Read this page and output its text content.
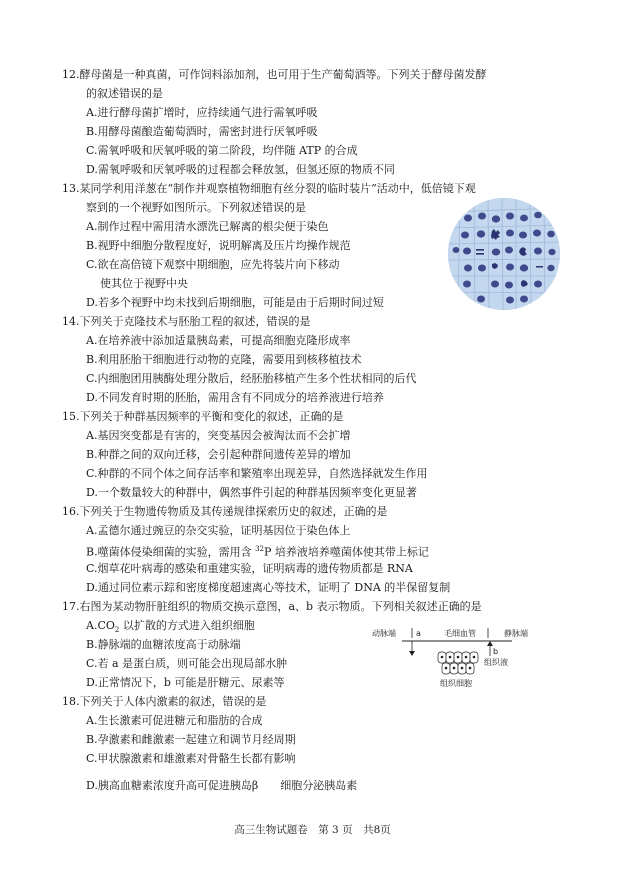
12.酵母菌是一种真菌，可作饲料添加剂，也可用于生产葡萄酒等。下列关于酵母菌发酵
的叙述错误的是
A.进行酵母菌扩增时，应持续通气进行需氧呼吸
B.用酵母菌酿造葡萄酒时，需密封进行厌氧呼吸
C.需氧呼吸和厌氧呼吸的第二阶段，均伴随 ATP 的合成
D.需氧呼吸和厌氧呼吸的过程都会释放氢，但氢还原的物质不同
13.某同学利用洋葱在“制作并观察植物细胞有丝分裂的临时装片”活动中，低倍镜下观
察到的一个视野如图所示。下列叙述错误的是
A.制作过程中需用清水漂洗已解离的根尖便于染色
B.视野中细胞分散程度好，说明解离及压片均操作规范
C.欲在高倍镜下观察中期细胞，应先将装片向下移动
使其位于视野中央
D.若多个视野中均未找到后期细胞，可能是由于后期时间过短
14.下列关于克隆技术与胚胎工程的叙述，错误的是
A.在培养液中添加适量胰岛素，可提高细胞克隆形成率
B.利用胚胎干细胞进行动物的克隆，需要用到核移植技术
C.内细胞团用胰酶处理分散后，经胚胎移植产生多个性状相同的后代
D.不同发育时期的胚胎，需用含有不同成分的培养液进行培养
15.下列关于种群基因频率的平衡和变化的叙述，正确的是
A.基因突变都是有害的，突变基因会被淘汰而不会扩增
B.种群之间的双向迁移，会引起种群间遗传差异的增加
C.种群的不同个体之间存活率和繁殖率出现差异，自然选择就发生作用
D.一个数量较大的种群中，偶然事件引起的种群基因频率变化更显著
16.下列关于生物遗传物质及其传递规律探索历史的叙述，正确的是
A.孟德尔通过豌豆的杂交实验，证明基因位于染色体上
B.噬菌体侵染细菌的实验，需用含 $^{32}$P 培养液培养噬菌体使其带上标记
C.烟草花叶病毒的感染和重建实验，证明病毒的遗传物质都是 RNA
D.通过同位素示踪和密度梯度超速离心等技术，证明了 DNA 的半保留复制
17.右图为某动物肝脏组织的物质交换示意图，a、b 表示物质。下列相关叙述正确的是
$A.CO_2$ 以扩散的方式进入组织细胞
B.静脉端的血糖浓度高于动脉端
C.若 a 是蛋白质，则可能会出现局部水肿
D.正常情况下，b 可能是肝糖元、尿素等
动脉端	a	毛细血管	静脉端
b
组织液
组织细胞
18.下列关于人体内激素的叙述，错误的是
A.生长激素可促进糖元和脂肪的合成
B.孕激素和雌激素一起建立和调节月经周期
C.甲状腺激素和雄激素对骨骼生长都有影响
D.胰高血糖素浓度升高可促进胰岛β　　细胞分泌胰岛素
高三生物试题卷　第 3 页　共8页
